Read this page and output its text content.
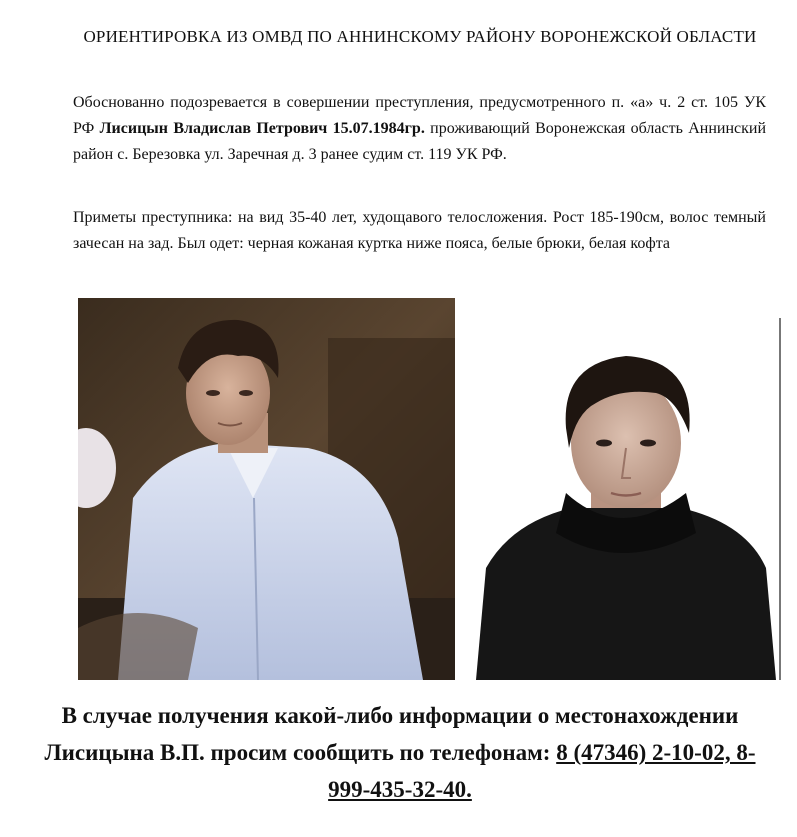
ОРИЕНТИРОВКА ИЗ ОМВД ПО АННИНСКОМУ РАЙОНУ ВОРОНЕЖСКОЙ ОБЛАСТИ
Обоснованно подозревается в совершении преступления, предусмотренного п. «а» ч. 2 ст. 105 УК РФ Лисицын Владислав Петрович 15.07.1984гр. проживающий Воронежская область Аннинский район с. Березовка ул. Заречная д. 3 ранее судим ст. 119 УК РФ.
Приметы преступника: на вид 35-40 лет, худощавого телосложения. Рост 185-190см, волос темный зачесан на зад. Был одет: черная кожаная куртка ниже пояса, белые брюки, белая кофта
В случае получения какой-либо информации о местонахождении Лисицына В.П. просим сообщить по телефонам: 8 (47346) 2-10-02, 8-999-435-32-40.
